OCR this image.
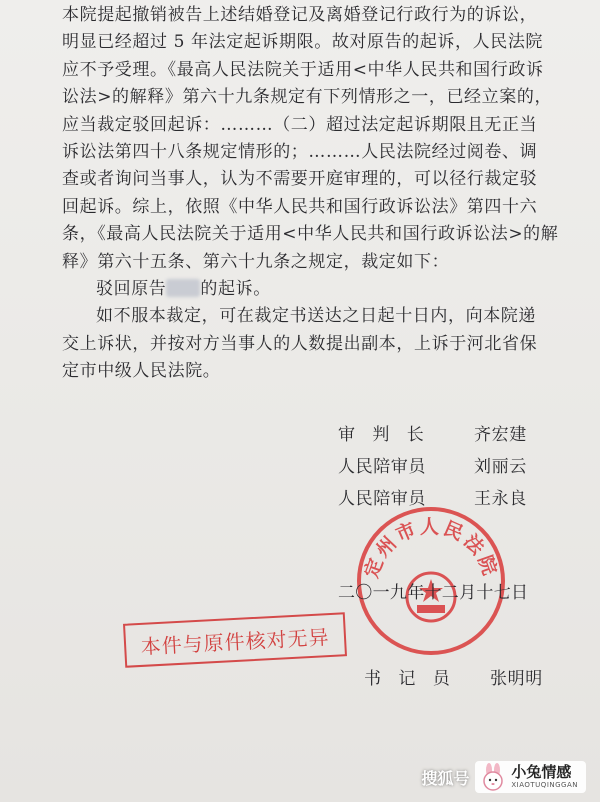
本院提起撤销被告上述结婚登记及离婚登记行政行为的诉讼，
明显已经超过 5 年法定起诉期限。故对原告的起诉，人民法院
应不予受理。《最高人民法院关于适用<中华人民共和国行政诉
讼法>的解释》第六十九条规定有下列情形之一，已经立案的，
应当裁定驳回起诉：………（二）超过法定起诉期限且无正当
诉讼法第四十八条规定情形的；………人民法院经过阅卷、调
查或者询问当事人，认为不需要开庭审理的，可以径行裁定驳
回起诉。综上，依照《中华人民共和国行政诉讼法》第四十六
条，《最高人民法院关于适用<中华人民共和国行政诉讼法>的解
释》第六十五条、第六十九条之规定，裁定如下：
驳回原告 的起诉。
如不服本裁定，可在裁定书送达之日起十日内，向本院递
交上诉状，并按对方当事人的人数提出副本，上诉于河北省保
定市中级人民法院。
审 判 长	齐宏建
人民陪审员	刘丽云
人民陪审员	王永良
定州市人民法院
二〇一九年十二月十七日
本件与原件核对无异
书 记 员 张明明
搜狐号	小兔情感
XIAOTUQINGGAN
